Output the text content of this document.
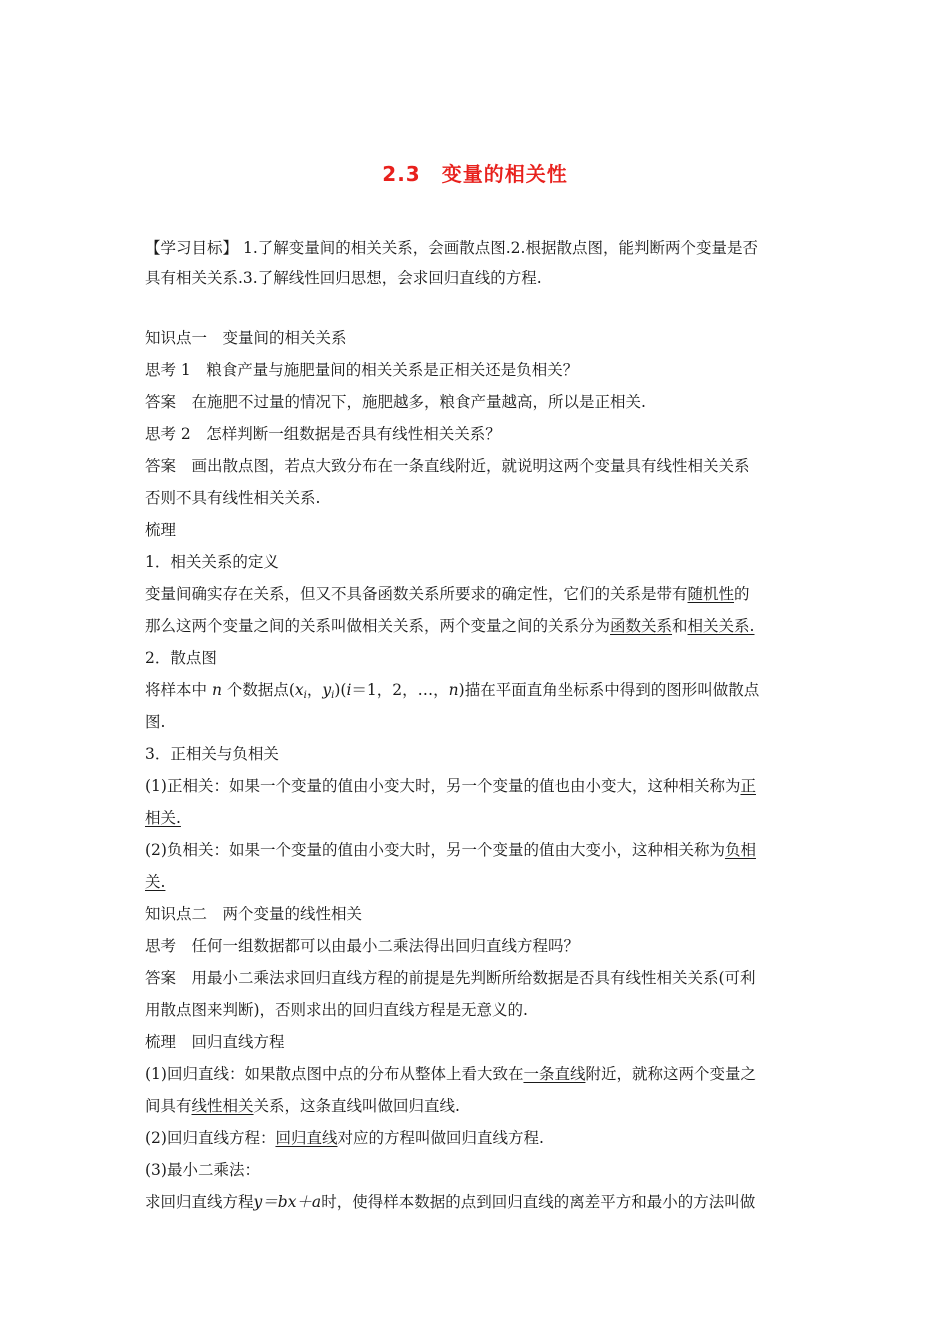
2.3　变量的相关性
【学习目标】 1.了解变量间的相关关系，会画散点图.2.根据散点图，能判断两个变量是否
具有相关关系.3.了解线性回归思想，会求回归直线的方程.
知识点一　变量间的相关关系
思考 1　粮食产量与施肥量间的相关关系是正相关还是负相关？
答案　在施肥不过量的情况下，施肥越多，粮食产量越高，所以是正相关.
思考 2　怎样判断一组数据是否具有线性相关关系？
答案　画出散点图，若点大致分布在一条直线附近，就说明这两个变量具有线性相关关系
否则不具有线性相关关系.
梳理
1．相关关系的定义
变量间确实存在关系，但又不具备函数关系所要求的确定性，它们的关系是带有随机性的
那么这两个变量之间的关系叫做相关关系，两个变量之间的关系分为函数关系和相关关系.
2．散点图
将样本中 n 个数据点($x_i$，$y_i)(i=1$，2，…，n)描在平面直角坐标系中得到的图形叫做散点
图.
3．正相关与负相关
(1)正相关：如果一个变量的值由小变大时，另一个变量的值也由小变大，这种相关称为正
相关.
(2)负相关：如果一个变量的值由小变大时，另一个变量的值由大变小，这种相关称为负相
关.
知识点二　两个变量的线性相关
思考　任何一组数据都可以由最小二乘法得出回归直线方程吗？
答案　用最小二乘法求回归直线方程的前提是先判断所给数据是否具有线性相关关系(可利
用散点图来判断)，否则求出的回归直线方程是无意义的.
梳理　回归直线方程
(1)回归直线：如果散点图中点的分布从整体上看大致在一条直线附近，就称这两个变量之
间具有线性相关关系，这条直线叫做回归直线.
(2)回归直线方程：回归直线对应的方程叫做回归直线方程.
(3)最小二乘法：
求回归直线方程y＝bx＋a时，使得样本数据的点到回归直线的离差平方和最小的方法叫做
